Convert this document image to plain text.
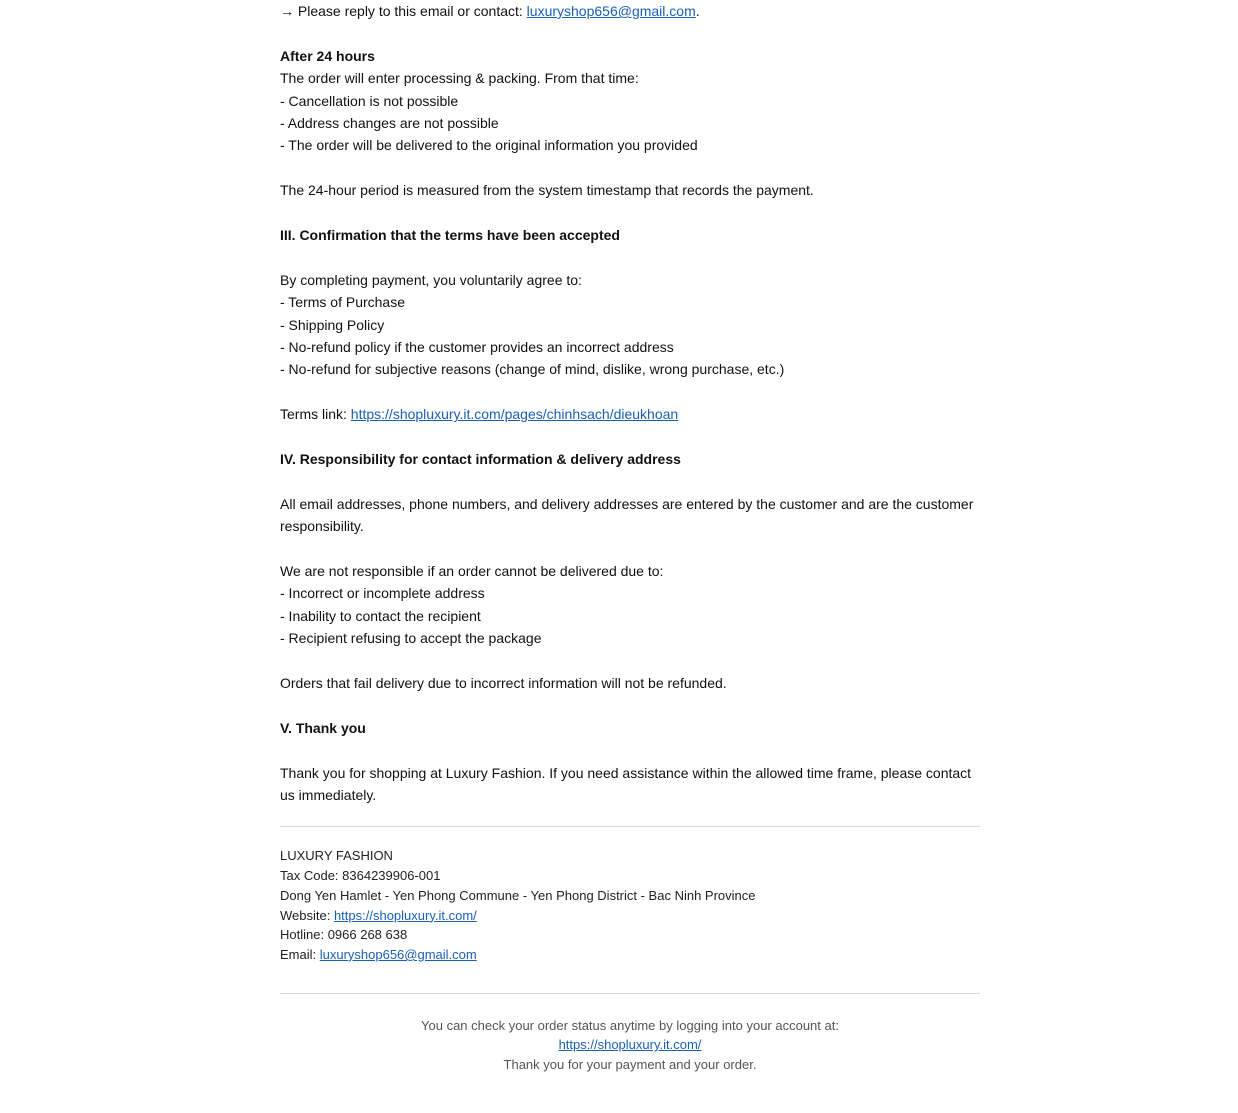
→ Please reply to this email or contact: luxuryshop656@gmail.com.
After 24 hours
The order will enter processing & packing. From that time:
- Cancellation is not possible
- Address changes are not possible
- The order will be delivered to the original information you provided
The 24-hour period is measured from the system timestamp that records the payment.
III. Confirmation that the terms have been accepted
By completing payment, you voluntarily agree to:
- Terms of Purchase
- Shipping Policy
- No-refund policy if the customer provides an incorrect address
- No-refund for subjective reasons (change of mind, dislike, wrong purchase, etc.)
Terms link: https://shopluxury.it.com/pages/chinhsach/dieukhoan
IV. Responsibility for contact information & delivery address
All email addresses, phone numbers, and delivery addresses are entered by the customer and are the customer responsibility.
We are not responsible if an order cannot be delivered due to:
- Incorrect or incomplete address
- Inability to contact the recipient
- Recipient refusing to accept the package
Orders that fail delivery due to incorrect information will not be refunded.
V. Thank you
Thank you for shopping at Luxury Fashion. If you need assistance within the allowed time frame, please contact us immediately.
LUXURY FASHION
Tax Code: 8364239906-001
Dong Yen Hamlet - Yen Phong Commune - Yen Phong District - Bac Ninh Province
Website: https://shopluxury.it.com/
Hotline: 0966 268 638
Email: luxuryshop656@gmail.com
You can check your order status anytime by logging into your account at:
https://shopluxury.it.com/
Thank you for your payment and your order.
